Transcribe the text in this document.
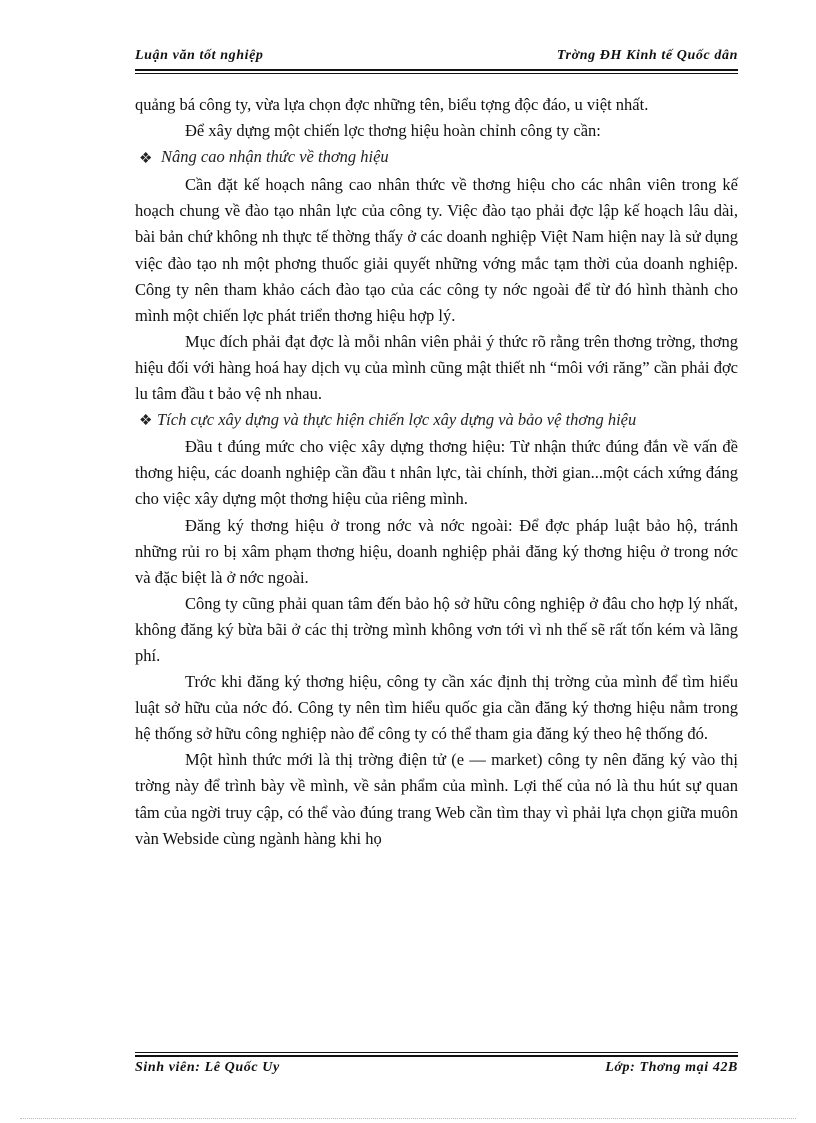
Luận văn tốt nghiệp	Trờng ĐH Kinh tế Quốc dân

quảng bá công ty, vừa lựa chọn đợc những tên, biểu tợng độc đáo, u việt nhất.

Để xây dựng một chiến lợc thơng hiệu hoàn chỉnh công ty cần:

❖ Nâng cao nhận thức về thơng hiệu

Cần đặt kế hoạch nâng cao nhân thức về thơng hiệu cho các nhân viên trong kế hoạch chung về đào tạo nhân lực của công ty. Việc đào tạo phải đợc lập kế hoạch lâu dài, bài bản chứ không nh thực tế thờng thấy ở các doanh nghiệp Việt Nam hiện nay là sử dụng việc đào tạo nh một phơng thuốc giải quyết những vớng mắc tạm thời của doanh nghiệp. Công ty nên tham khảo cách đào tạo của các công ty nớc ngoài để từ đó hình thành cho mình một chiến lợc phát triển thơng hiệu hợp lý.

Mục đích phải đạt đợc là mỗi nhân viên phải ý thức rõ rằng trên thơng trờng, thơng hiệu đối với hàng hoá hay dịch vụ của mình cũng mật thiết nh “môi với răng” cần phải đợc lu tâm đầu t bảo vệ nh nhau.

❖ Tích cực xây dựng và thực hiện chiến lợc xây dựng và bảo vệ thơng hiệu

Đầu t đúng mức cho việc xây dựng thơng hiệu: Từ nhận thức đúng đắn về vấn đề thơng hiệu, các doanh nghiệp cần đầu t nhân lực, tài chính, thời gian...một cách xứng đáng cho việc xây dựng một thơng hiệu của riêng mình.

Đăng ký thơng hiệu ở trong nớc và nớc ngoài: Để đợc pháp luật bảo hộ, tránh những rủi ro bị xâm phạm thơng hiệu, doanh nghiệp phải đăng ký thơng hiệu ở trong nớc và đặc biệt là ở nớc ngoài.

Công ty cũng phải quan tâm đến bảo hộ sở hữu công nghiệp ở đâu cho hợp lý nhất, không đăng ký bừa bãi ở các thị trờng mình không vơn tới vì nh thế sẽ rất tốn kém và lãng phí.

Trớc khi đăng ký thơng hiệu, công ty cần xác định thị trờng của mình để tìm hiểu luật sở hữu của nớc đó. Công ty nên tìm hiểu quốc gia cần đăng ký thơng hiệu nằm trong hệ thống sở hữu công nghiệp nào để công ty có thể tham gia đăng ký theo hệ thống đó.

Một hình thức mới là thị trờng điện tử (e — market) công ty nên đăng ký vào thị trờng này để trình bày về mình, về sản phẩm của mình. Lợi thế của nó là thu hút sự quan tâm của ngời truy cập, có thể vào đúng trang Web cần tìm thay vì phải lựa chọn giữa muôn vàn Webside cùng ngành hàng khi họ

Sinh viên: Lê Quốc Uy	Lớp: Thơng mại 42B
